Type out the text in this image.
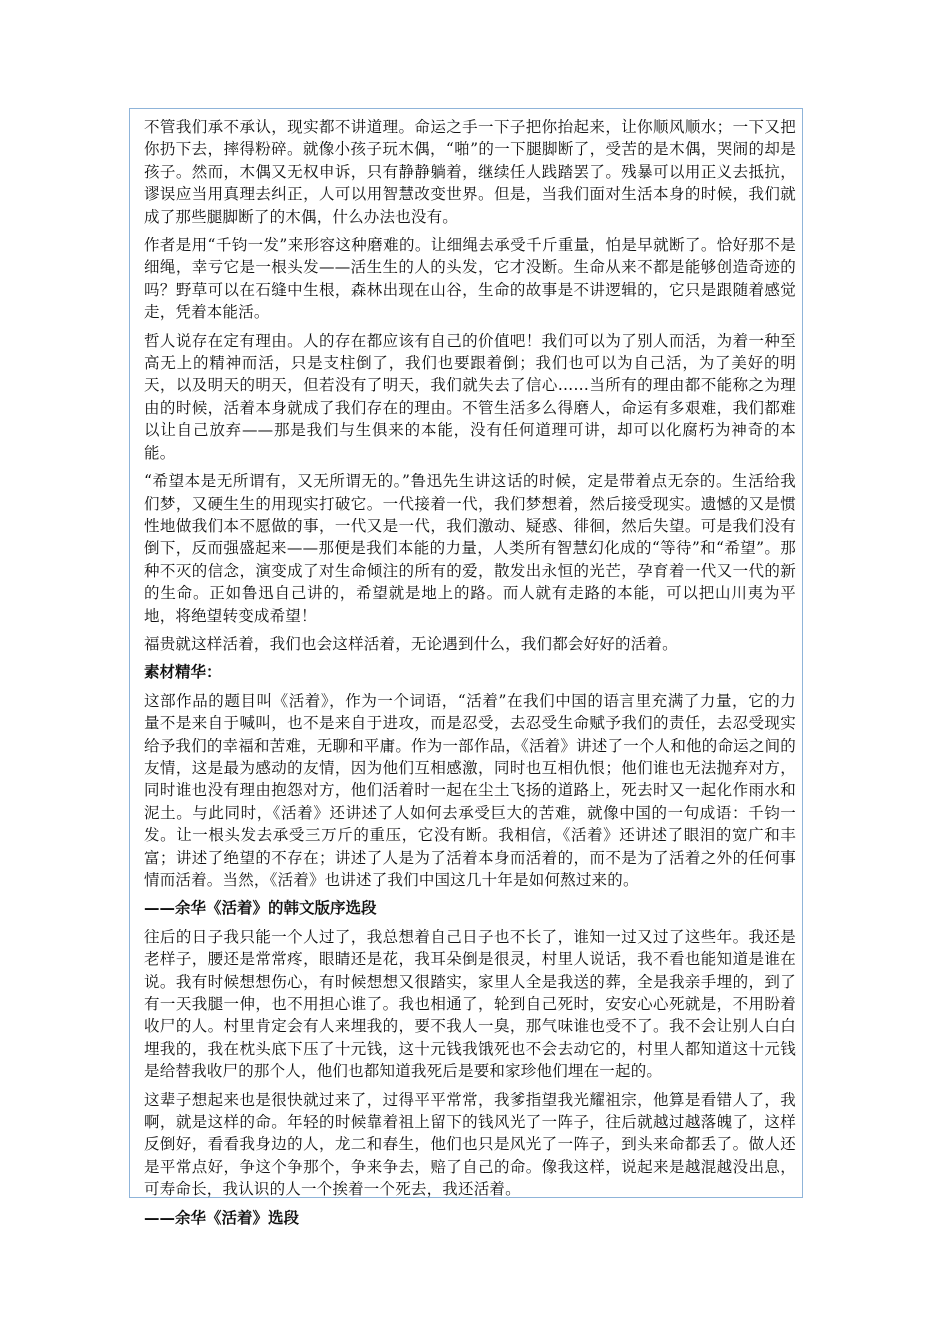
不管我们承不承认，现实都不讲道理。命运之手一下子把你抬起来，让你顺风顺水；一下又把你扔下去，摔得粉碎。就像小孩子玩木偶，“啪”的一下腿脚断了，受苦的是木偶，哭闹的却是孩子。然而，木偶又无权申诉，只有静静躺着，继续任人践踏罢了。残暴可以用正义去抵抗，谬误应当用真理去纠正，人可以用智慧改变世界。但是，当我们面对生活本身的时候，我们就成了那些腿脚断了的木偶，什么办法也没有。

作者是用“千钧一发”来形容这种磨难的。让细绳去承受千斤重量，怕是早就断了。恰好那不是细绳，幸亏它是一根头发——活生生的人的头发，它才没断。生命从来不都是能够创造奇迹的吗？野草可以在石缝中生根，森林出现在山谷，生命的故事是不讲逻辑的，它只是跟随着感觉走，凭着本能活。

哲人说存在定有理由。人的存在都应该有自己的价值吧！我们可以为了别人而活，为着一种至高无上的精神而活，只是支柱倒了，我们也要跟着倒；我们也可以为自己活，为了美好的明天，以及明天的明天，但若没有了明天，我们就失去了信心……当所有的理由都不能称之为理由的时候，活着本身就成了我们存在的理由。不管生活多么得磨人，命运有多艰难，我们都难以让自己放弃——那是我们与生俱来的本能，没有任何道理可讲，却可以化腐朽为神奇的本能。

“希望本是无所谓有，又无所谓无的。”鲁迅先生讲这话的时候，定是带着点无奈的。生活给我们梦，又硬生生的用现实打破它。一代接着一代，我们梦想着，然后接受现实。遗憾的又是惯性地做我们本不愿做的事，一代又是一代，我们激动、疑惑、徘徊，然后失望。可是我们没有倒下，反而强盛起来——那便是我们本能的力量，人类所有智慧幻化成的“等待”和“希望”。那种不灭的信念，演变成了对生命倾注的所有的爱，散发出永恒的光芒，孕育着一代又一代的新的生命。正如鲁迅自己讲的，希望就是地上的路。而人就有走路的本能，可以把山川夷为平地，将绝望转变成希望！

福贵就这样活着，我们也会这样活着，无论遇到什么，我们都会好好的活着。

素材精华：

这部作品的题目叫《活着》，作为一个词语，“活着”在我们中国的语言里充满了力量，它的力量不是来自于喊叫，也不是来自于进攻，而是忍受，去忍受生命赋予我们的责任，去忍受现实给予我们的幸福和苦难，无聊和平庸。作为一部作品，《活着》讲述了一个人和他的命运之间的友情，这是最为感动的友情，因为他们互相感激，同时也互相仇恨；他们谁也无法抛弃对方，同时谁也没有理由抱怨对方，他们活着时一起在尘土飞扬的道路上，死去时又一起化作雨水和泥土。与此同时，《活着》还讲述了人如何去承受巨大的苦难，就像中国的一句成语：千钧一发。让一根头发去承受三万斤的重压，它没有断。我相信，《活着》还讲述了眼泪的宽广和丰富；讲述了绝望的不存在；讲述了人是为了活着本身而活着的，而不是为了活着之外的任何事情而活着。当然，《活着》也讲述了我们中国这几十年是如何熬过来的。

——余华《活着》的韩文版序选段

往后的日子我只能一个人过了，我总想着自己日子也不长了，谁知一过又过了这些年。我还是老样子，腰还是常常疼，眼睛还是花，我耳朵倒是很灵，村里人说话，我不看也能知道是谁在说。我有时候想想伤心，有时候想想又很踏实，家里人全是我送的葬，全是我亲手埋的，到了有一天我腿一伸，也不用担心谁了。我也相通了，轮到自己死时，安安心心死就是，不用盼着收尸的人。村里肯定会有人来埋我的，要不我人一臭，那气味谁也受不了。我不会让别人白白埋我的，我在枕头底下压了十元钱，这十元钱我饿死也不会去动它的，村里人都知道这十元钱是给替我收尸的那个人，他们也都知道我死后是要和家珍他们埋在一起的。

这辈子想起来也是很快就过来了，过得平平常常，我爹指望我光耀祖宗，他算是看错人了，我啊，就是这样的命。年轻的时候靠着祖上留下的钱风光了一阵子，往后就越过越落魄了，这样反倒好，看看我身边的人，龙二和春生，他们也只是风光了一阵子，到头来命都丢了。做人还是平常点好，争这个争那个，争来争去，赔了自己的命。像我这样，说起来是越混越没出息，可寿命长，我认识的人一个挨着一个死去，我还活着。

——余华《活着》选段
